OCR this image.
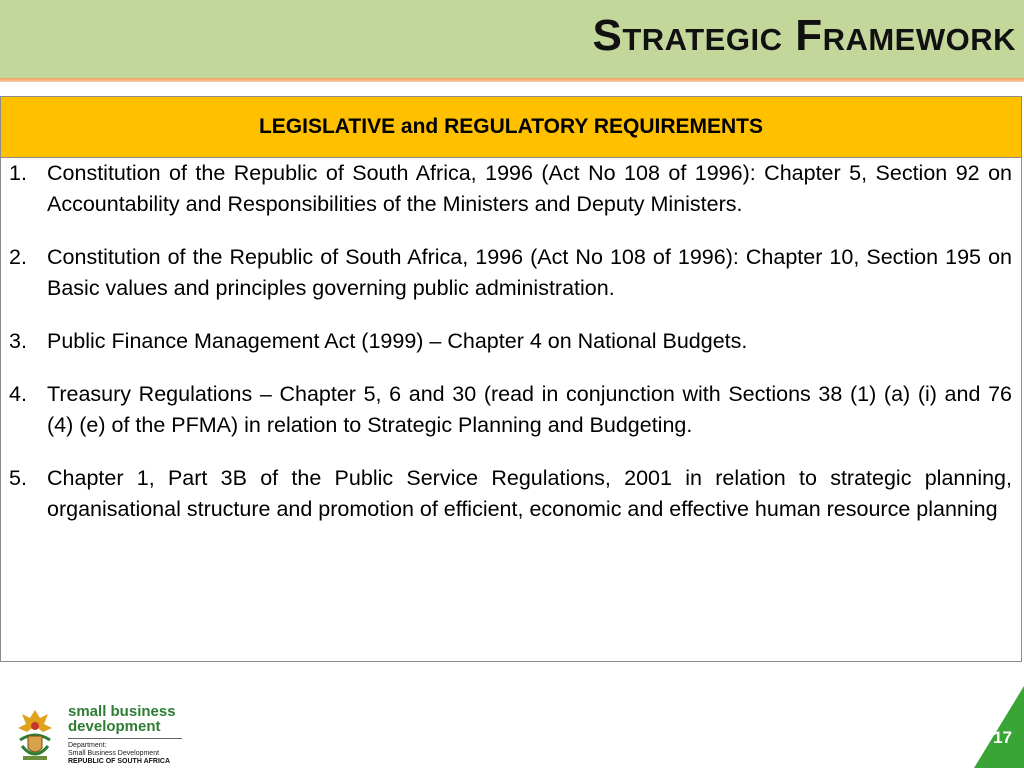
Strategic Framework
LEGISLATIVE and REGULATORY REQUIREMENTS
1. Constitution of the Republic of South Africa, 1996 (Act No 108 of 1996): Chapter 5, Section 92 on Accountability and Responsibilities of the Ministers and Deputy Ministers.
2. Constitution of the Republic of South Africa, 1996 (Act No 108 of 1996): Chapter 10, Section 195 on Basic values and principles governing public administration.
3. Public Finance Management Act (1999) – Chapter 4 on National Budgets.
4. Treasury Regulations – Chapter 5, 6 and 30 (read in conjunction with Sections 38 (1) (a) (i) and 76 (4) (e) of the PFMA) in relation to Strategic Planning and Budgeting.
5. Chapter 1, Part 3B of the Public Service Regulations, 2001 in relation to strategic planning, organisational structure and promotion of efficient, economic and effective human resource planning
small business
development
Department:
Small Business Development
REPUBLIC OF SOUTH AFRICA
17
